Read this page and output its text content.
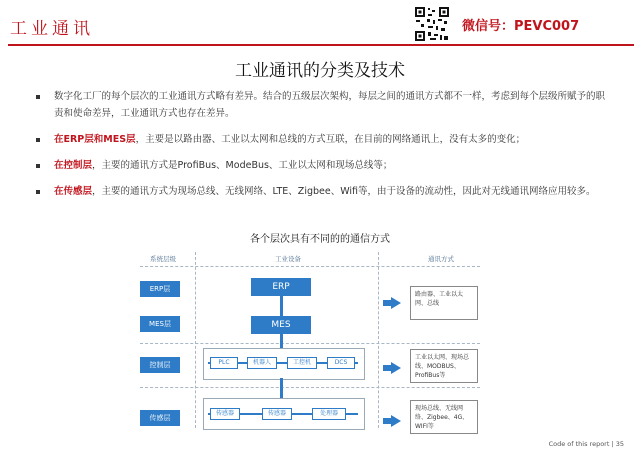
工业通讯	微信号：PEVC007
工业通讯的分类及技术
数字化工厂的每个层次的工业通讯方式略有差异。结合的五级层次架构，每层之间的通讯方式都不一样，考虑到每个层级所赋予的职责和使命差异，工业通讯方式也存在差异。
在ERP层和MES层，主要是以路由器、工业以太网和总线的方式互联，在目前的网络通讯上，没有太多的变化；
在控制层，主要的通讯方式是ProfiBus、ModeBus、工业以太网和现场总线等；
在传感层，主要的通讯方式为现场总线、无线网络、LTE、Zigbee、Wifi等，由于设备的流动性，因此对无线通讯网络应用较多。
各个层次具有不同的的通信方式
系统层级	工业设备	通讯方式
ERP层
MES层
控制层
传感层
ERP
MES
PLC	机器人	工控机	DCS
传感器	传感器	处理器
路由器、工业以太网、总线
工业以太网、现场总线、MODBUS、ProfiBus等
现场总线、无线网络、Zigbee、4G、WIFI等
Code of this report | 35
